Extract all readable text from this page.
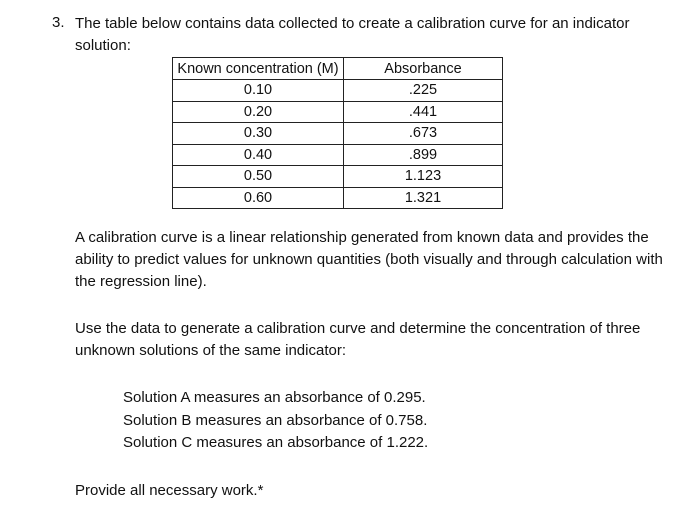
3. The table below contains data collected to create a calibration curve for an indicator solution:
Known concentration (M)	Absorbance
0.10	.225
0.20	.441
0.30	.673
0.40	.899
0.50	1.123
0.60	1.321
A calibration curve is a linear relationship generated from known data and provides the ability to predict values for unknown quantities (both visually and through calculation with the regression line).
Use the data to generate a calibration curve and determine the concentration of three unknown solutions of the same indicator:
Solution A measures an absorbance of 0.295.
Solution B measures an absorbance of 0.758.
Solution C measures an absorbance of 1.222.
Provide all necessary work.*
